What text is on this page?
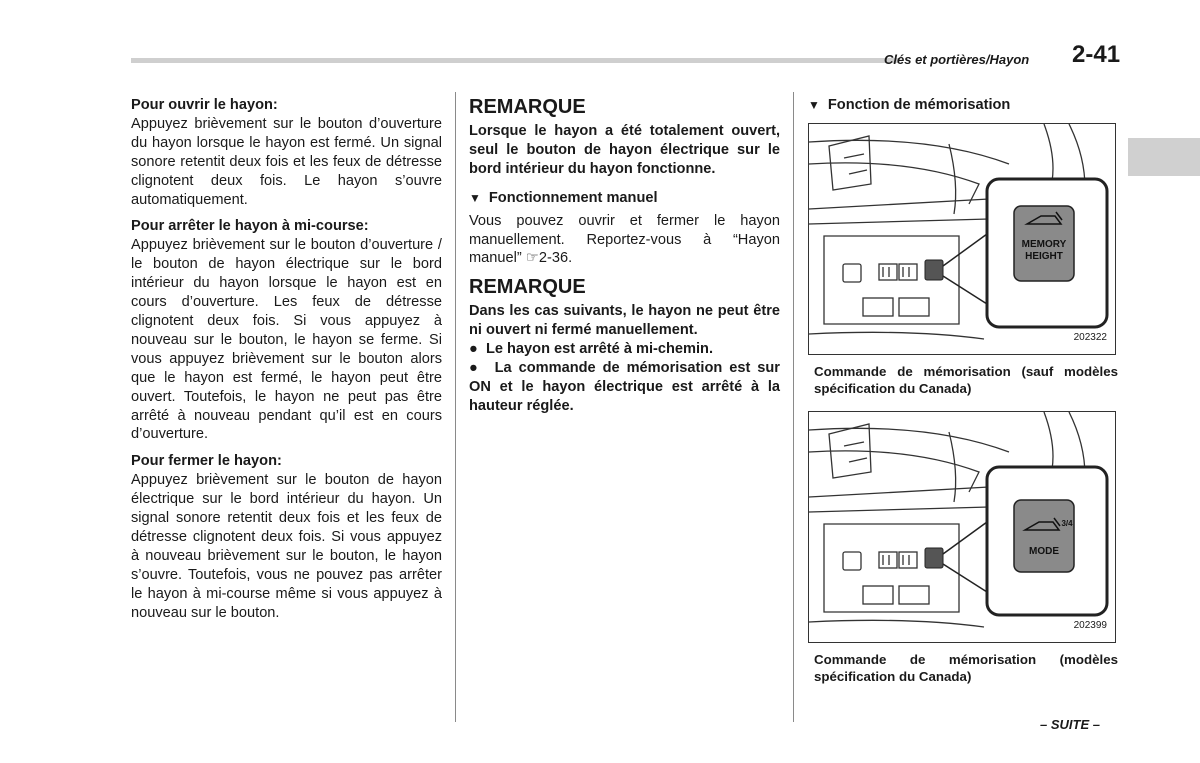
Clés et portières/Hayon 2-41

Pour ouvrir le hayon:

Appuyez brièvement sur le bouton d’ouverture du hayon lorsque le hayon est fermé. Un signal sonore retentit deux fois et les feux de détresse clignotent deux fois. Le hayon s’ouvre automatiquement.

Pour arrêter le hayon à mi-course:

Appuyez brièvement sur le bouton d’ouverture / le bouton de hayon électrique sur le bord intérieur du hayon lorsque le hayon est en cours d’ouverture. Les feux de détresse clignotent deux fois. Si vous appuyez à nouveau sur le bouton, le hayon se ferme. Si vous appuyez brièvement sur le bouton alors que le hayon est fermé, le hayon peut être ouvert. Toutefois, le hayon ne peut pas être arrêté à nouveau pendant qu’il est en cours d’ouverture.

Pour fermer le hayon:

Appuyez brièvement sur le bouton de hayon électrique sur le bord intérieur du hayon. Un signal sonore retentit deux fois et les feux de détresse clignotent deux fois. Si vous appuyez à nouveau brièvement sur le bouton, le hayon s’ouvre. Toutefois, vous ne pouvez pas arrêter le hayon à mi-course même si vous appuyez à nouveau sur le bouton.

REMARQUE

Lorsque le hayon a été totalement ouvert, seul le bouton de hayon électrique sur le bord intérieur du hayon fonctionne.

▼ Fonctionnement manuel

Vous pouvez ouvrir et fermer le hayon manuellement. Reportez-vous à “Hayon manuel” ☞2-36.

REMARQUE

Dans les cas suivants, le hayon ne peut être ni ouvert ni fermé manuellement.

●  Le hayon est arrêté à mi-chemin.

●  La commande de mémorisation est sur ON et le hayon électrique est arrêté à la hauteur réglée.

▼ Fonction de mémorisation

MEMORY
HEIGHT
202322

Commande de mémorisation (sauf modèles spécification du Canada)

3/4
MODE
202399

Commande de mémorisation (modèles spécification du Canada)

– SUITE –
